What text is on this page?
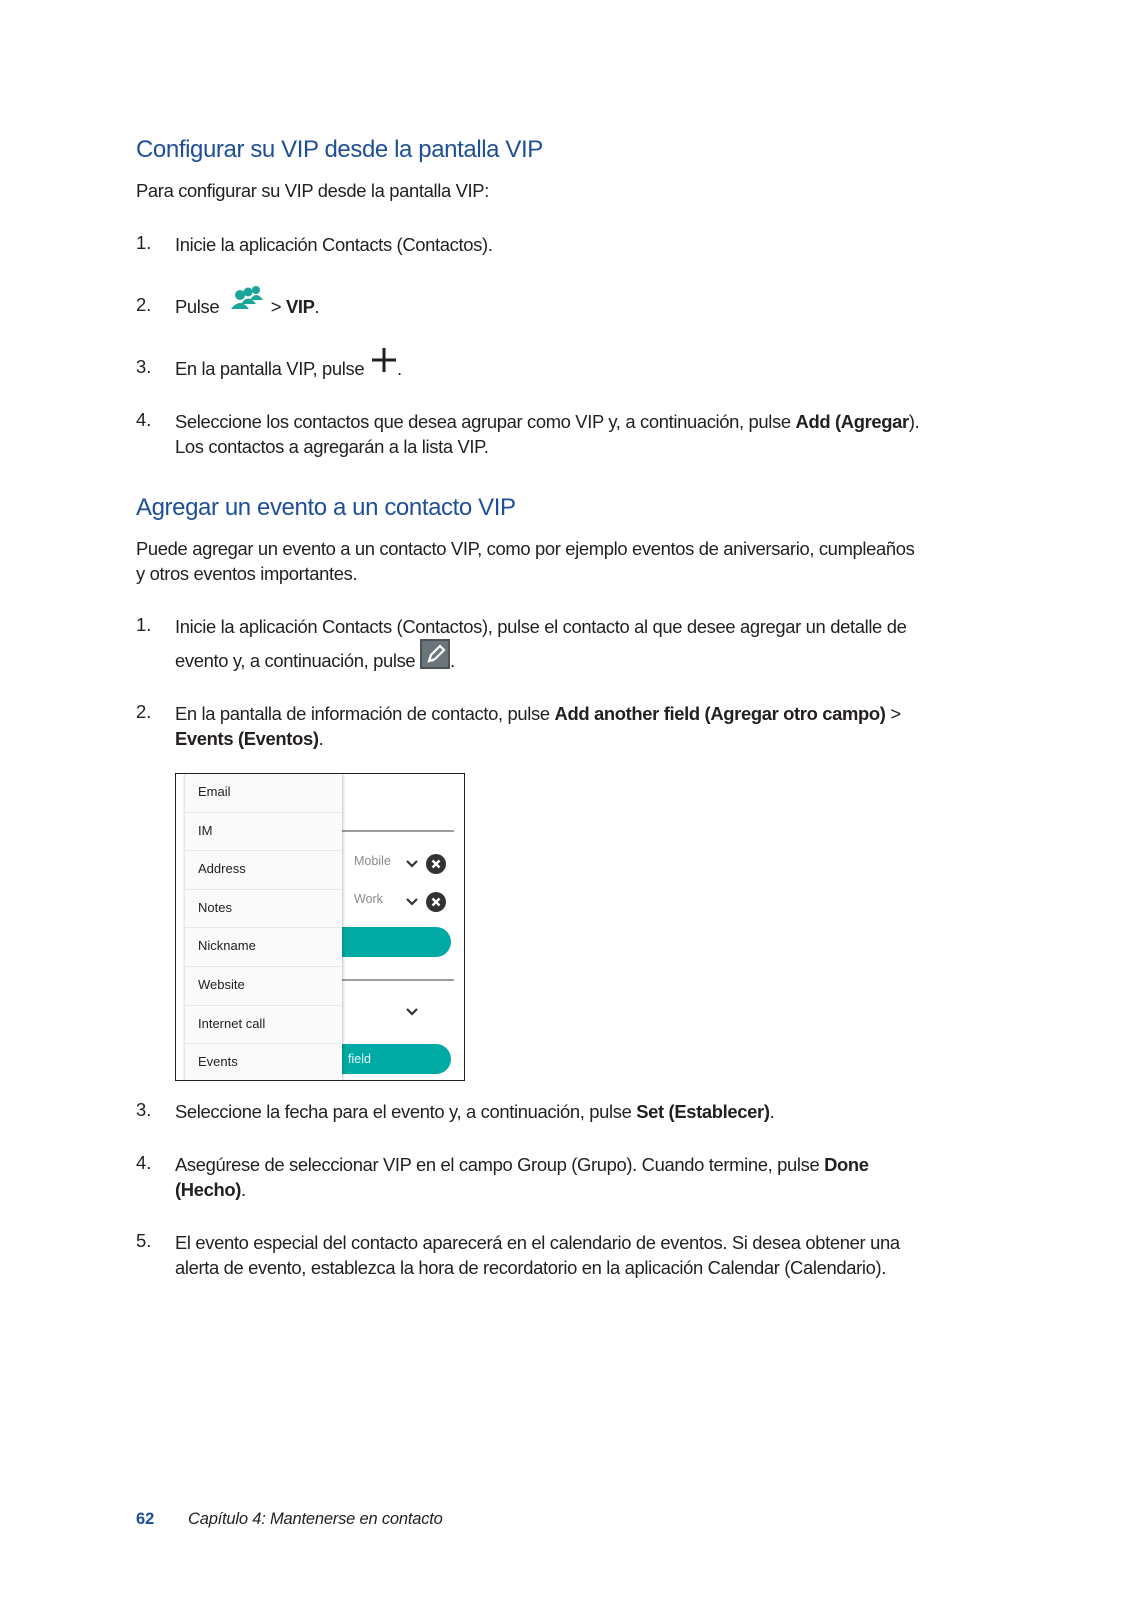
Configurar su VIP desde la pantalla VIP
Para configurar su VIP desde la pantalla VIP:
1. Inicie la aplicación Contacts (Contactos).
2. Pulse	> VIP.
3. En la pantalla VIP, pulse .
4. Seleccione los contactos que desea agrupar como VIP y, a continuación, pulse Add (Agregar).
Los contactos a agregarán a la lista VIP.
Agregar un evento a un contacto VIP
Puede agregar un evento a un contacto VIP, como por ejemplo eventos de aniversario, cumpleaños
y otros eventos importantes.
1. Inicie la aplicación Contacts (Contactos), pulse el contacto al que desee agregar un detalle de
evento y, a continuación, pulse .
2. En la pantalla de información de contacto, pulse Add another field (Agregar otro campo) >
Events (Eventos).
Mobile
Work
field
Email
IM
Address
Notes
Nickname
Website
Internet call
Events
3. Seleccione la fecha para el evento y, a continuación, pulse Set (Establecer).
4. Asegúrese de seleccionar VIP en el campo Group (Grupo). Cuando termine, pulse Done
(Hecho).
5. El evento especial del contacto aparecerá en el calendario de eventos. Si desea obtener una
alerta de evento, establezca la hora de recordatorio en la aplicación Calendar (Calendario).
62 Capítulo 4: Mantenerse en contacto
